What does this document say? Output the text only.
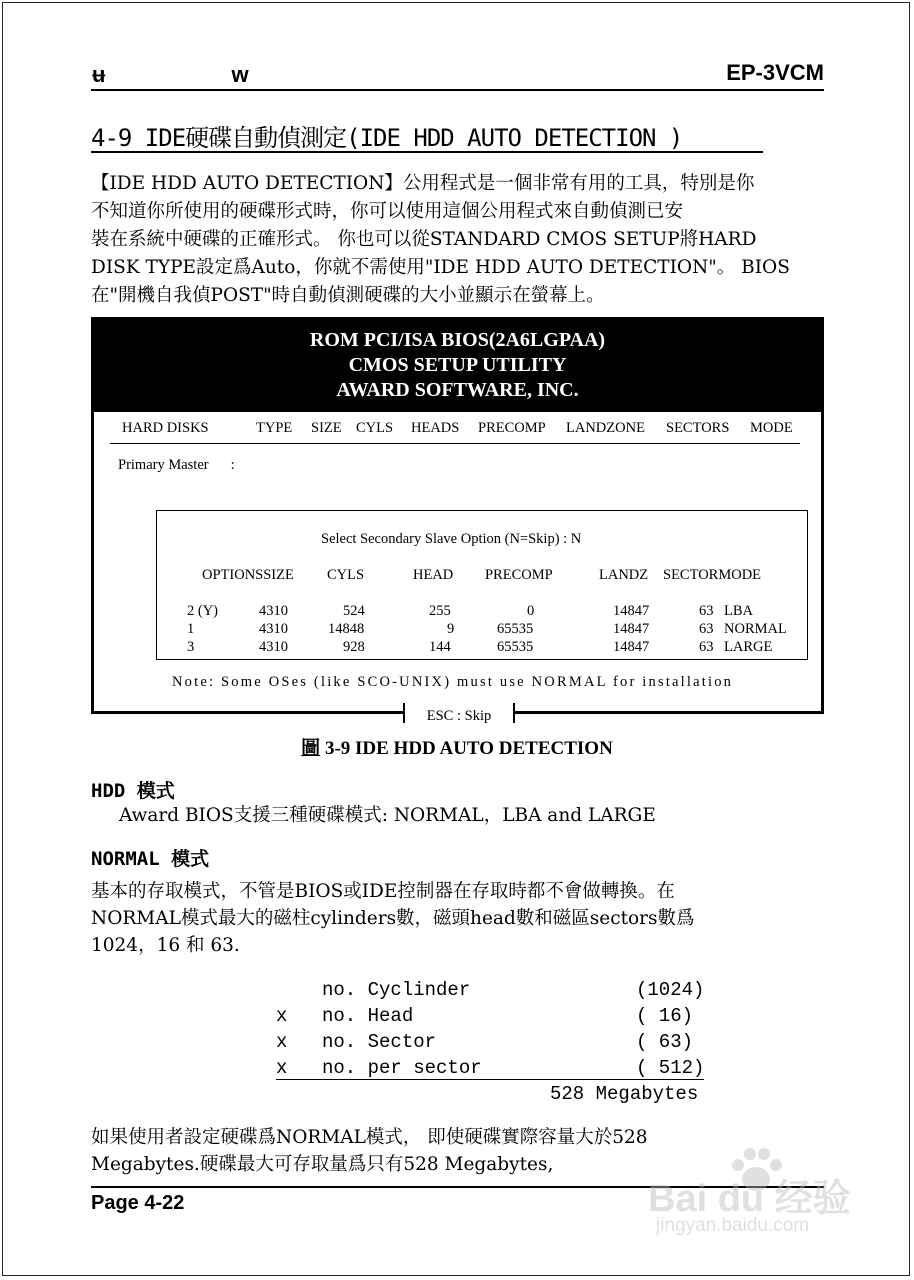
ʉ	w	EP-3VCM
4-9 IDE硬碟自動偵測定(IDE HDD AUTO DETECTION )
【IDE HDD AUTO DETECTION】公用程式是一個非常有用的工具，特別是你
不知道你所使用的硬碟形式時，你可以使用這個公用程式來自動偵測已安
裝在系統中硬碟的正確形式。 你也可以從STANDARD CMOS SETUP將HARD
DISK TYPE設定爲Auto，你就不需使用"IDE HDD AUTO DETECTION"。 BIOS
在"開機自我偵POST"時自動偵測硬碟的大小並顯示在螢幕上。
ROM PCI/ISA BIOS(2A6LGPAA)
CMOS SETUP UTILITY
AWARD SOFTWARE, INC.
HARD DISKS	TYPE SIZE CYLS HEADS PRECOMP LANDZONE SECTORS MODE
Primary Master :
Select Secondary Slave Option (N=Skip) : N
OPTIONSSIZE CYLS	HEAD PRECOMP	LANDZ SECTORMODE
2 (Y)	4310	524	255	0	14847	63 LBA
1	4310	14848	9	65535	14847	63 NORMAL
3	4310	928	144	65535	14847	63 LARGE
Note: Some OSes (like SCO-UNIX) must use NORMAL for installation
ESC : Skip
圖 3-9 IDE HDD AUTO DETECTION
HDD 模式
Award BIOS支援三種硬碟模式: NORMAL，LBA and LARGE
NORMAL 模式
基本的存取模式，不管是BIOS或IDE控制器在存取時都不會做轉換。在
NORMAL模式最大的磁柱cylinders數，磁頭head數和磁區sectors數爲
1024，16 和 63.
no. Cyclinder	(1024)
x no. Head	( 16)
x no. Sector	( 63)
x no. per sector	( 512)
528 Megabytes
如果使用者設定硬碟爲NORMAL模式， 即使硬碟實際容量大於528
Megabytes.硬碟最大可存取量爲只有528 Megabytes,
Page 4-22	Bai du 经验
jingyan.baidu.com
